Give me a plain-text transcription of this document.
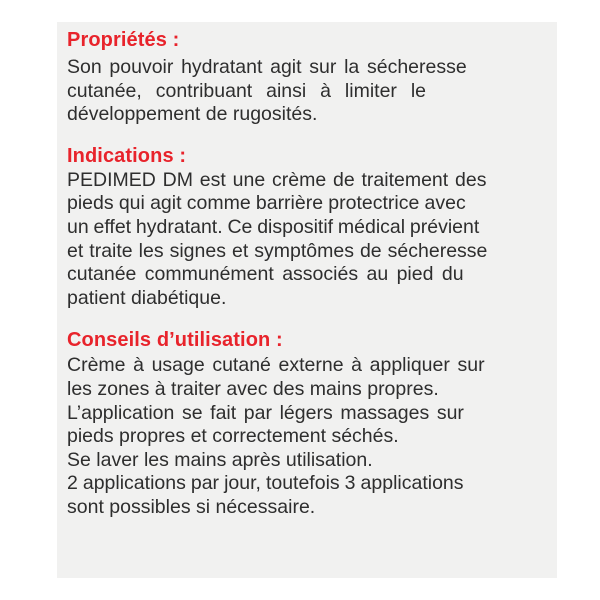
Propriétés :

Son pouvoir hydratant agit sur la sécheresse
cutanée, contribuant ainsi à limiter le
développement de rugosités.

Indications :

PEDIMED DM est une crème de traitement des
pieds qui agit comme barrière protectrice avec
un effet hydratant. Ce dispositif médical prévient
et traite les signes et symptômes de sécheresse
cutanée communément associés au pied du
patient diabétique.

Conseils d’utilisation :

Crème à usage cutané externe à appliquer sur
les zones à traiter avec des mains propres.
L’application se fait par légers massages sur
pieds propres et correctement séchés.
Se laver les mains après utilisation.
2 applications par jour, toutefois 3 applications
sont possibles si nécessaire.
